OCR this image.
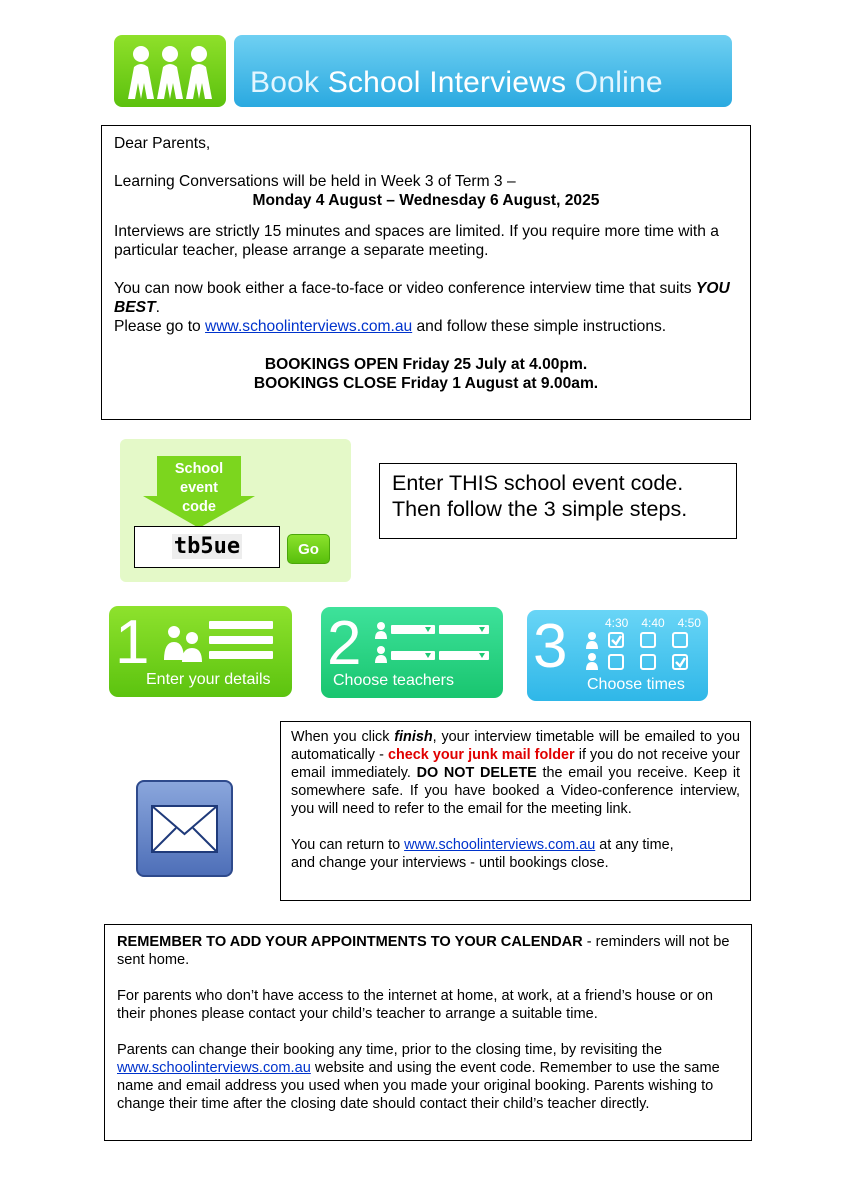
Book School Interviews Online

Dear Parents,

Learning Conversations will be held in Week 3 of Term 3 –

Monday 4 August – Wednesday 6 August, 2025

Interviews are strictly 15 minutes and spaces are limited. If you require more time with a particular teacher, please arrange a separate meeting.

You can now book either a face-to-face or video conference interview time that suits YOU BEST.

Please go to www.schoolinterviews.com.au and follow these simple instructions.

BOOKINGS OPEN Friday 25 July at 4.00pm.

BOOKINGS CLOSE Friday 1 August at 9.00am.

School
event
code
tb5ue	Go
Enter THIS school event code.
Then follow the 3 simple steps.
1
Enter your details
2
Choose teachers 3	4:30 4:40 4:50
Choose times

When you click finish, your interview timetable will be emailed to you automatically - check your junk mail folder if you do not receive your email immediately. DO NOT DELETE the email you receive. Keep it somewhere safe. If you have booked a Video-conference interview, you will need to refer to the email for the meeting link.

You can return to www.schoolinterviews.com.au at any time,
and change your interviews - until bookings close.

REMEMBER TO ADD YOUR APPOINTMENTS TO YOUR CALENDAR - reminders will not be sent home.

For parents who don’t have access to the internet at home, at work, at a friend’s house or on their phones please contact your child’s teacher to arrange a suitable time.

Parents can change their booking any time, prior to the closing time, by revisiting the www.schoolinterviews.com.au website and using the event code. Remember to use the same name and email address you used when you made your original booking. Parents wishing to change their time after the closing date should contact their child’s teacher directly.
